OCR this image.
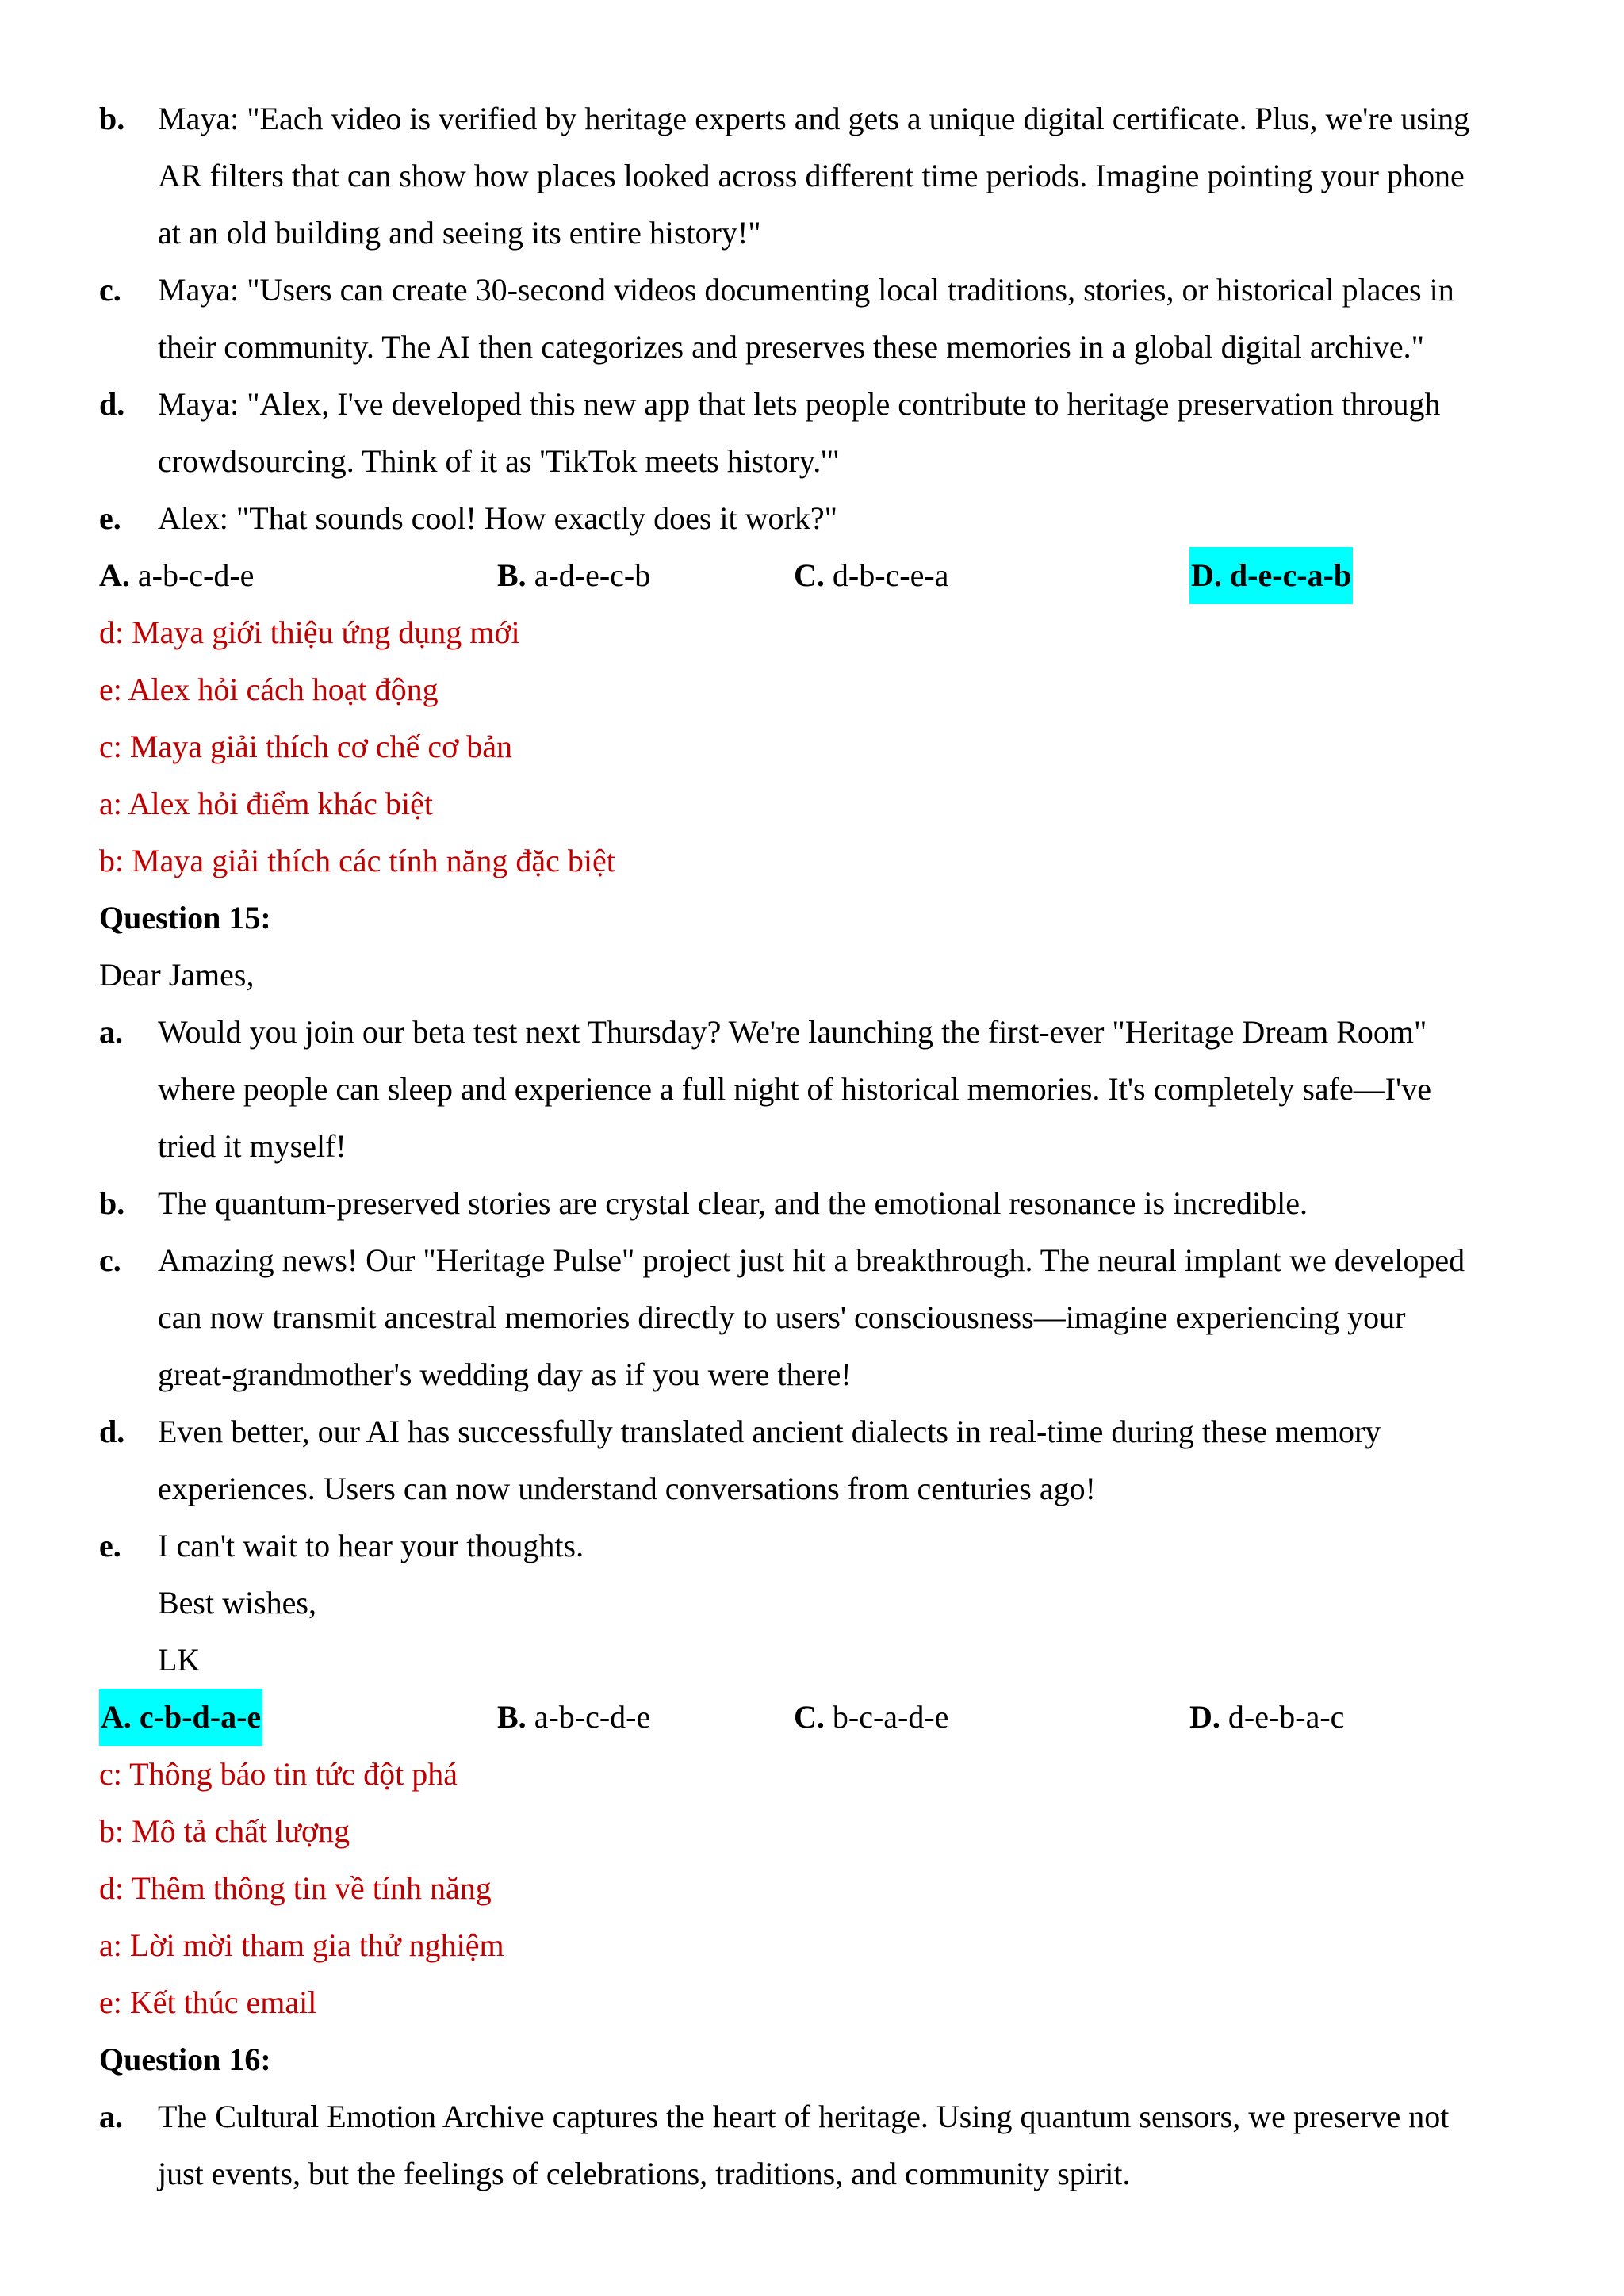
b. Maya: "Each video is verified by heritage experts and gets a unique digital certificate. Plus, we're using
AR filters that can show how places looked across different time periods. Imagine pointing your phone
at an old building and seeing its entire history!"
c. Maya: "Users can create 30-second videos documenting local traditions, stories, or historical places in
their community. The AI then categorizes and preserves these memories in a global digital archive."
d. Maya: "Alex, I've developed this new app that lets people contribute to heritage preservation through
crowdsourcing. Think of it as 'TikTok meets history.'"
e. Alex: "That sounds cool! How exactly does it work?"
A. a-b-c-d-e	B. a-d-e-c-b	C. d-b-c-e-a	D. d-e-c-a-b
d: Maya giới thiệu ứng dụng mới
e: Alex hỏi cách hoạt động
c: Maya giải thích cơ chế cơ bản
a: Alex hỏi điểm khác biệt
b: Maya giải thích các tính năng đặc biệt
Question 15:
Dear James,
a. Would you join our beta test next Thursday? We're launching the first-ever "Heritage Dream Room"
where people can sleep and experience a full night of historical memories. It's completely safe—I've
tried it myself!
b. The quantum-preserved stories are crystal clear, and the emotional resonance is incredible.
c. Amazing news! Our "Heritage Pulse" project just hit a breakthrough. The neural implant we developed
can now transmit ancestral memories directly to users' consciousness—imagine experiencing your
great-grandmother's wedding day as if you were there!
d. Even better, our AI has successfully translated ancient dialects in real-time during these memory
experiences. Users can now understand conversations from centuries ago!
e. I can't wait to hear your thoughts.
Best wishes,
LK
A. c-b-d-a-e	B. a-b-c-d-e	C. b-c-a-d-e	D. d-e-b-a-c
c: Thông báo tin tức đột phá
b: Mô tả chất lượng
d: Thêm thông tin về tính năng
a: Lời mời tham gia thử nghiệm
e: Kết thúc email
Question 16:
a. The Cultural Emotion Archive captures the heart of heritage. Using quantum sensors, we preserve not
just events, but the feelings of celebrations, traditions, and community spirit.
